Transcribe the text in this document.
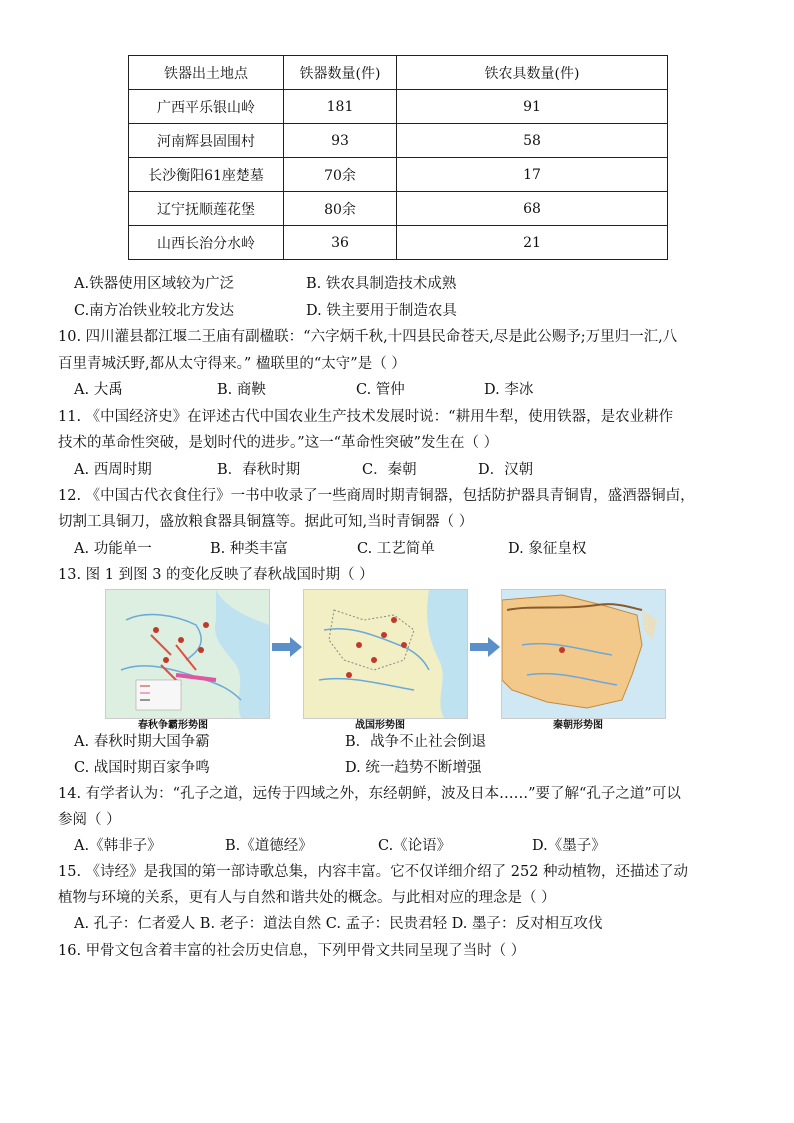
铁器出土地点	铁器数量(件)	铁农具数量(件)
广西平乐银山岭	181	91
河南辉县固围村	93	58
长沙衡阳61座楚墓	70余	17
辽宁抚顺莲花堡	80余	68
山西长治分水岭	36	21
A.铁器使用区域较为广泛	B. 铁农具制造技术成熟
C.南方冶铁业较北方发达	D. 铁主要用于制造农具
10. 四川灌县都江堰二王庙有副楹联：“六字炳千秋,十四县民命苍天,尽是此公赐予;万里归一汇,八
百里青城沃野,都从太守得来。” 楹联里的“太守”是（ ）
A. 大禹	B. 商鞅	C. 管仲	D. 李冰
11. 《中国经济史》在评述古代中国农业生产技术发展时说：“耕用牛犁，使用铁器，是农业耕作
技术的革命性突破，是划时代的进步。”这一“革命性突破”发生在（ ）
A. 西周时期	B．春秋时期	C．秦朝	D．汉朝
12. 《中国古代衣食住行》一书中收录了一些商周时期青铜器，包括防护器具青铜胄，盛酒器铜卣，
切割工具铜刀，盛放粮食器具铜簋等。据此可知,当时青铜器（ ）
A. 功能单一	B. 种类丰富	C. 工艺简单	D. 象征皇权
13. 图 1 到图 3 的变化反映了春秋战国时期（ ）
春秋争霸形势图	战国形势图	秦朝形势图
A. 春秋时期大国争霸	B．战争不止社会倒退
C. 战国时期百家争鸣	D. 统一趋势不断增强
14. 有学者认为：“孔子之道，远传于四域之外，东经朝鲜，波及日本……”要了解“孔子之道”可以
参阅（ ）
A.《韩非子》	B.《道德经》	C.《论语》	D.《墨子》
15. 《诗经》是我国的第一部诗歌总集，内容丰富。它不仅详细介绍了 252 种动植物，还描述了动
植物与环境的关系，更有人与自然和谐共处的概念。与此相对应的理念是（ ）
A. 孔子：仁者爱人 B. 老子：道法自然 C. 孟子：民贵君轻 D. 墨子：反对相互攻伐
16. 甲骨文包含着丰富的社会历史信息，下列甲骨文共同呈现了当时（ ）
